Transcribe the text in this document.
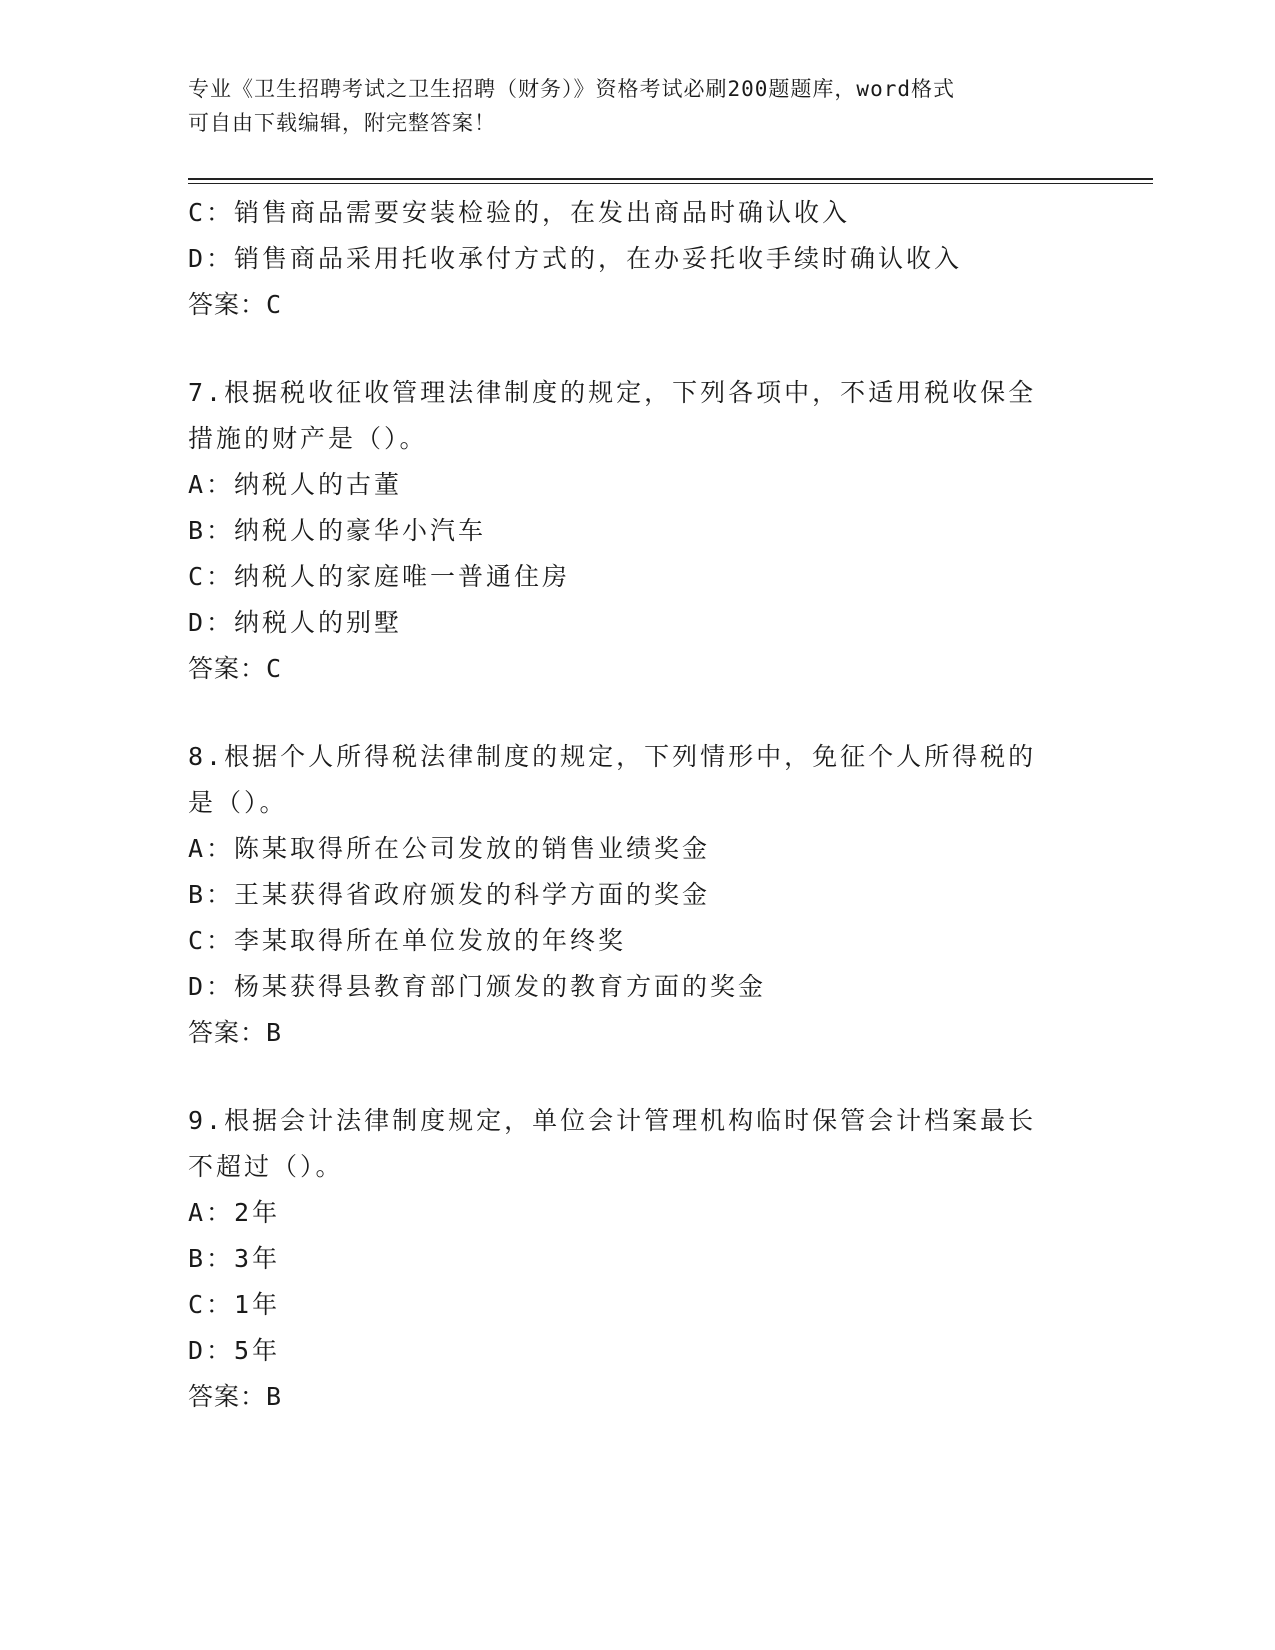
专业《卫生招聘考试之卫生招聘（财务）》资格考试必刷200题题库，word格式
可自由下载编辑，附完整答案！
C：销售商品需要安装检验的，在发出商品时确认收入
D：销售商品采用托收承付方式的，在办妥托收手续时确认收入
答案：C
7.根据税收征收管理法律制度的规定，下列各项中，不适用税收保全
措施的财产是（）。
A：纳税人的古董
B：纳税人的豪华小汽车
C：纳税人的家庭唯一普通住房
D：纳税人的别墅
答案：C
8.根据个人所得税法律制度的规定，下列情形中，免征个人所得税的
是（）。
A：陈某取得所在公司发放的销售业绩奖金
B：王某获得省政府颁发的科学方面的奖金
C：李某取得所在单位发放的年终奖
D：杨某获得县教育部门颁发的教育方面的奖金
答案：B
9.根据会计法律制度规定，单位会计管理机构临时保管会计档案最长
不超过（）。
A：2年
B：3年
C：1年
D：5年
答案：B
